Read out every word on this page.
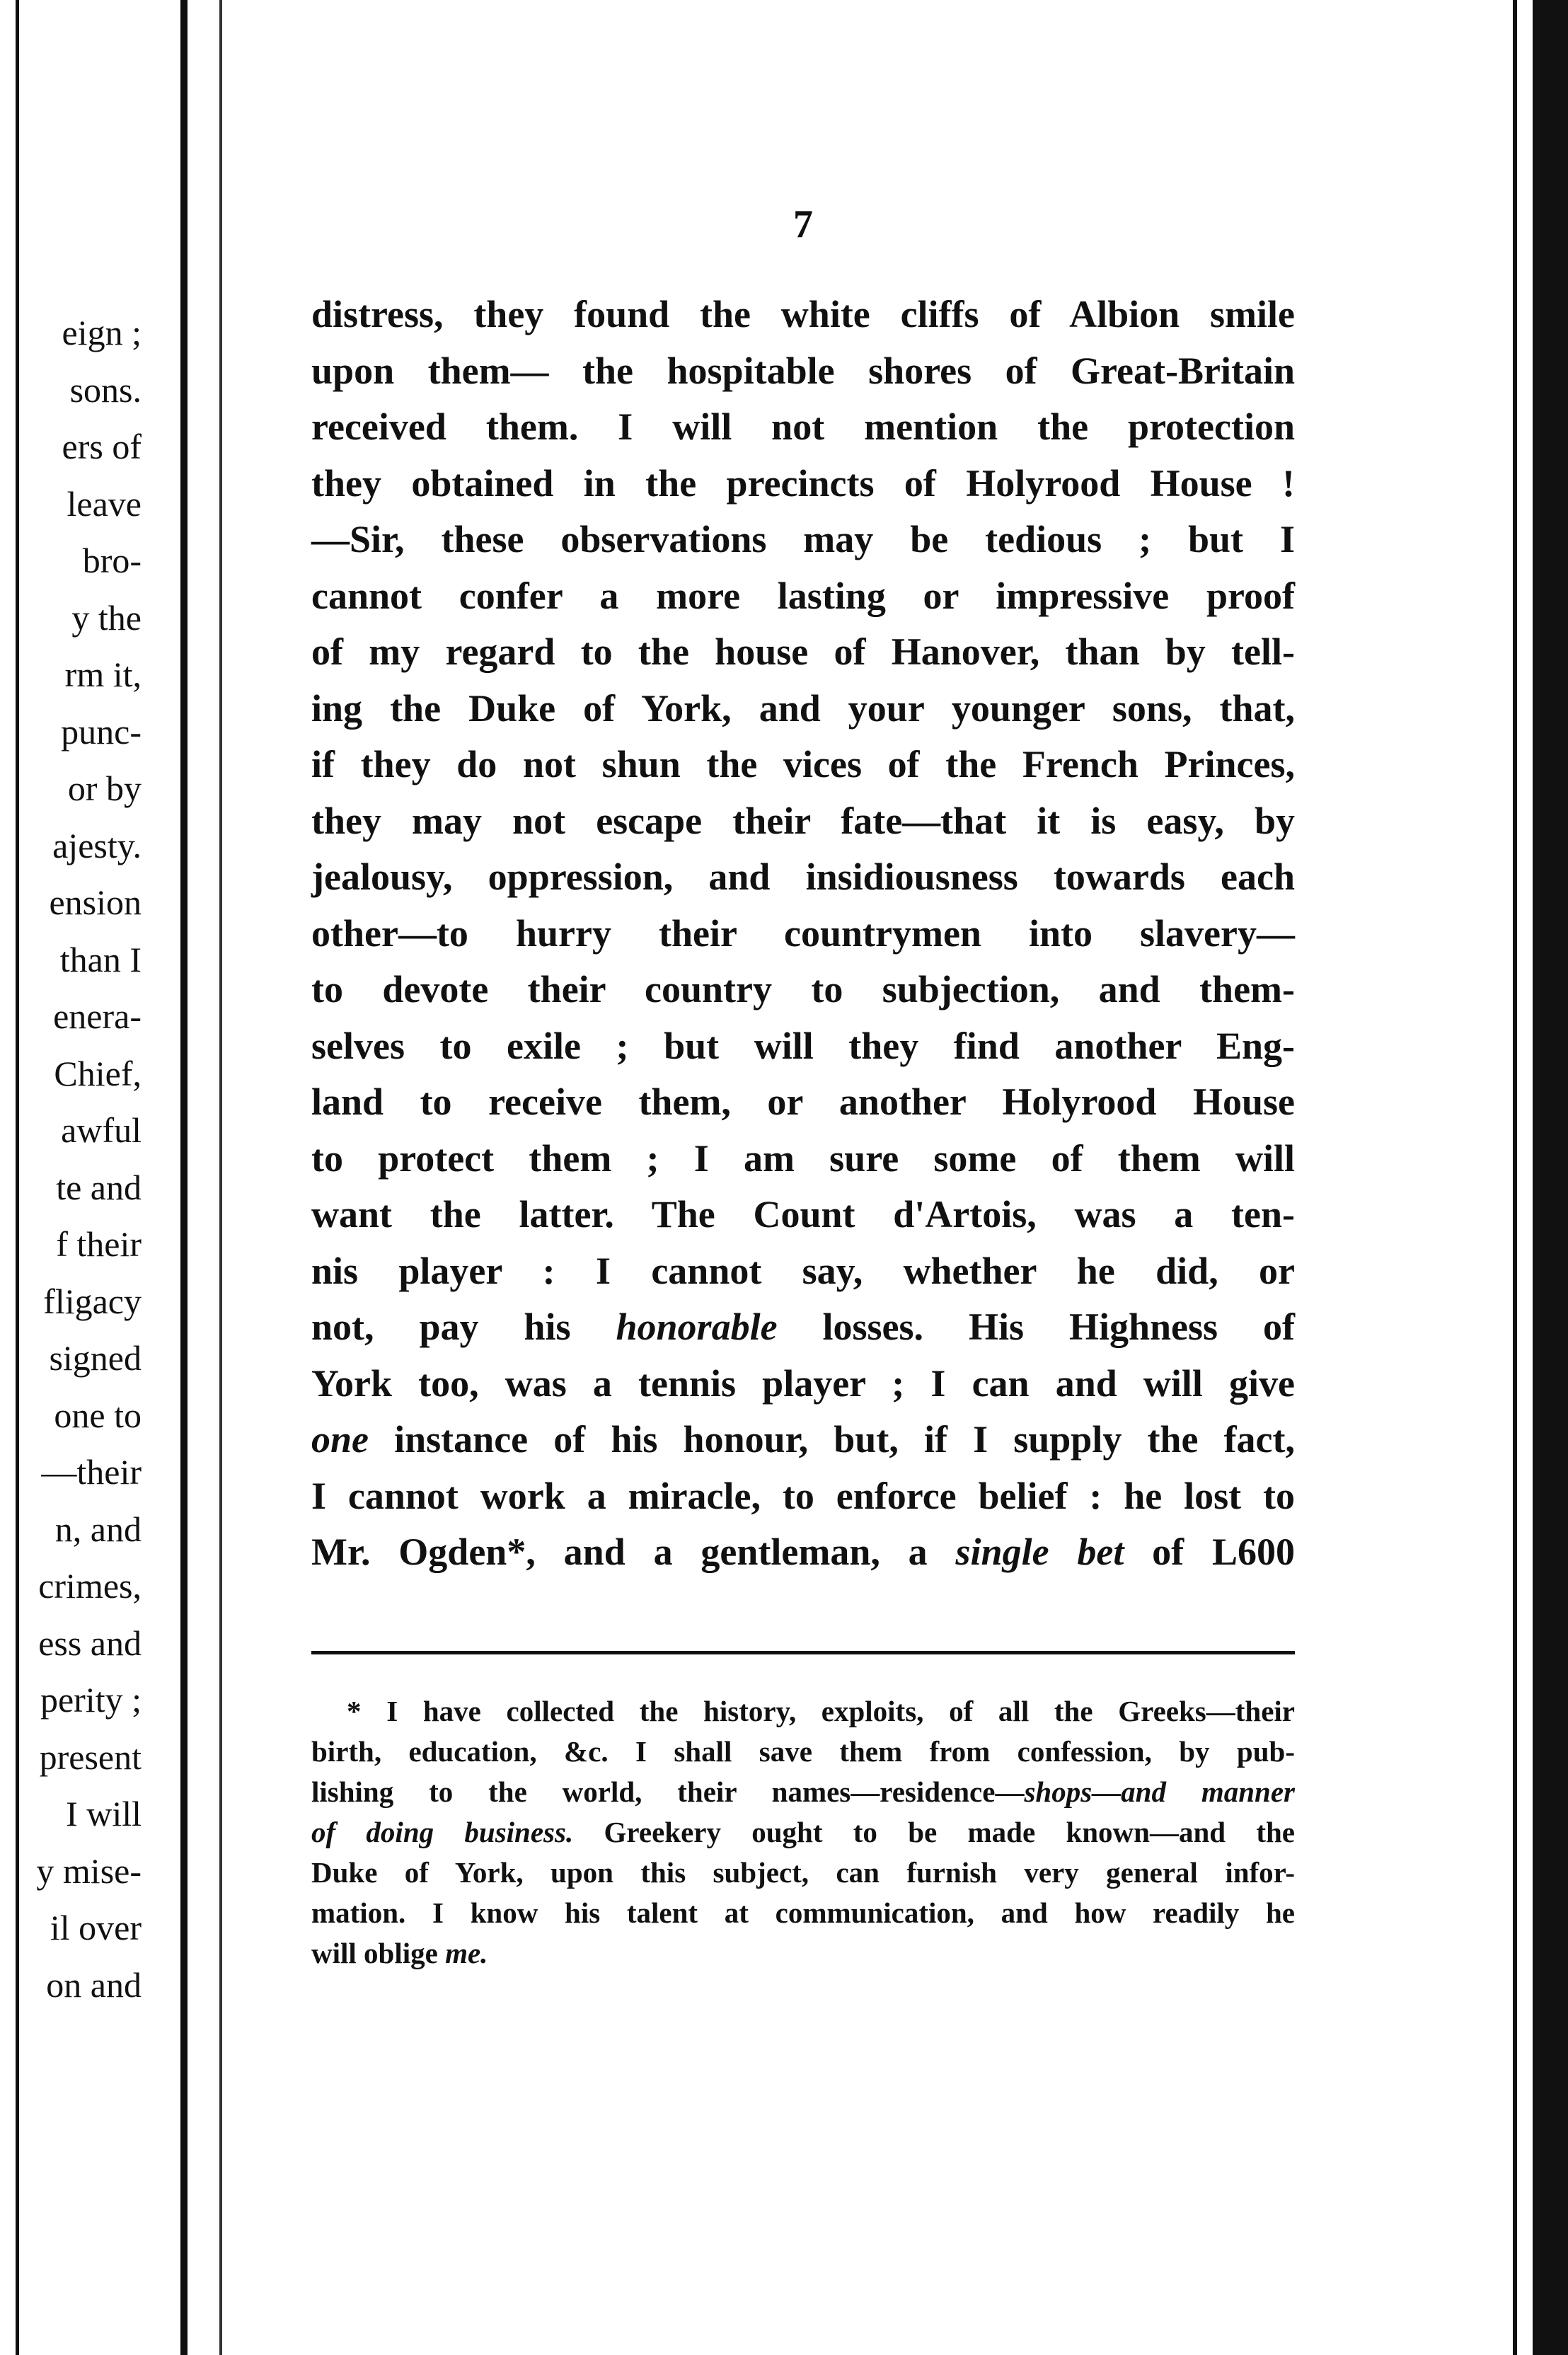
eign ;
sons.
ers of
leave
bro-
y the
rm it,
punc-
or by
ajesty.
ension
than I
enera-
Chief,
awful
te and
f their
fligacy
signed
one to
—their
n, and
crimes,
ess and
perity ;
present
I will
y mise-
il over
on and
7
distress, they found the white cliffs of Albion smile
upon them— the hospitable shores of Great-Britain
received them. I will not mention the protection
they obtained in the precincts of Holyrood House !
—Sir, these observations may be tedious ; but I
cannot confer a more lasting or impressive proof
of my regard to the house of Hanover, than by tell-
ing the Duke of York, and your younger sons, that,
if they do not shun the vices of the French Princes,
they may not escape their fate—that it is easy, by
jealousy, oppression, and insidiousness towards each
other—to hurry their countrymen into slavery—
to devote their country to subjection, and them-
selves to exile ; but will they find another Eng-
land to receive them, or another Holyrood House
to protect them ; I am sure some of them will
want the latter. The Count d'Artois, was a ten-
nis player : I cannot say, whether he did, or
not, pay his honorable losses. His Highness of
York too, was a tennis player ; I can and will give
one instance of his honour, but, if I supply the fact,
I cannot work a miracle, to enforce belief : he lost to
Mr. Ogden*, and a gentleman, a single bet of L600
* I have collected the history, exploits, of all the Greeks—their
birth, education, &c. I shall save them from confession, by pub-
lishing to the world, their names—residence—shops—and manner
of doing business. Greekery ought to be made known—and the
Duke of York, upon this subject, can furnish very general infor-
mation. I know his talent at communication, and how readily he
will oblige me.
